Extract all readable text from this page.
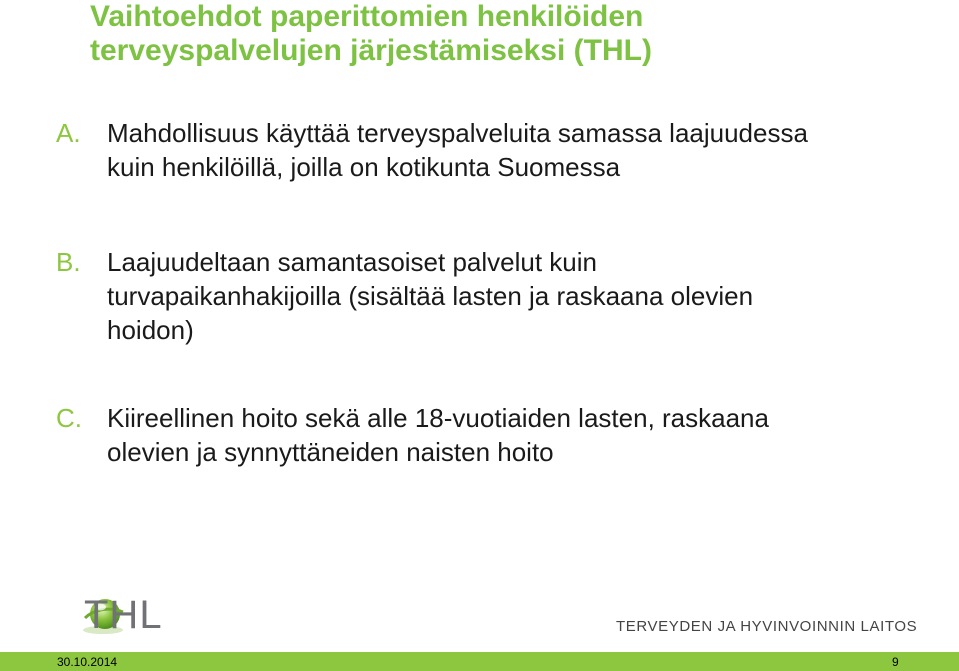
Vaihtoehdot paperittomien henkilöiden
terveyspalvelujen järjestämiseksi (THL)
A. Mahdollisuus käyttää terveyspalveluita samassa laajuudessa
kuin henkilöillä, joilla on kotikunta Suomessa
B. Laajuudeltaan samantasoiset palvelut kuin
turvapaikanhakijoilla (sisältää lasten ja raskaana olevien
hoidon)
C. Kiireellinen hoito sekä alle 18-vuotiaiden lasten, raskaana
olevien ja synnyttäneiden naisten hoito
THL	TERVEYDEN JA HYVINVOINNIN LAITOS
30.10.2014	9
